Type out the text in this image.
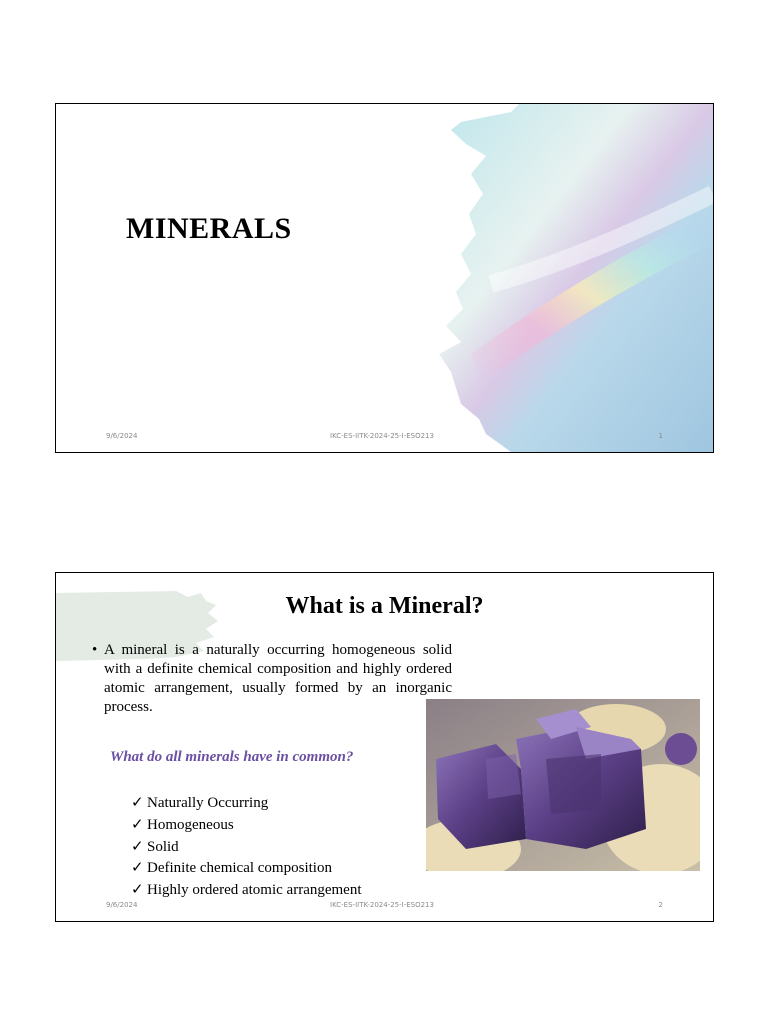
MINERALS
9/6/2024	IKC-ES-IITK-2024-25-I-ESO213	1
What is a Mineral?
• A mineral is a naturally occurring homogeneous solid with a definite chemical composition and highly ordered atomic arrangement, usually formed by an inorganic process.
What do all minerals have in common?
✓ Naturally Occurring
✓ Homogeneous
✓ Solid
✓ Definite chemical composition
✓ Highly ordered atomic arrangement
9/6/2024	IKC-ES-IITK-2024-25-I-ESO213	2
